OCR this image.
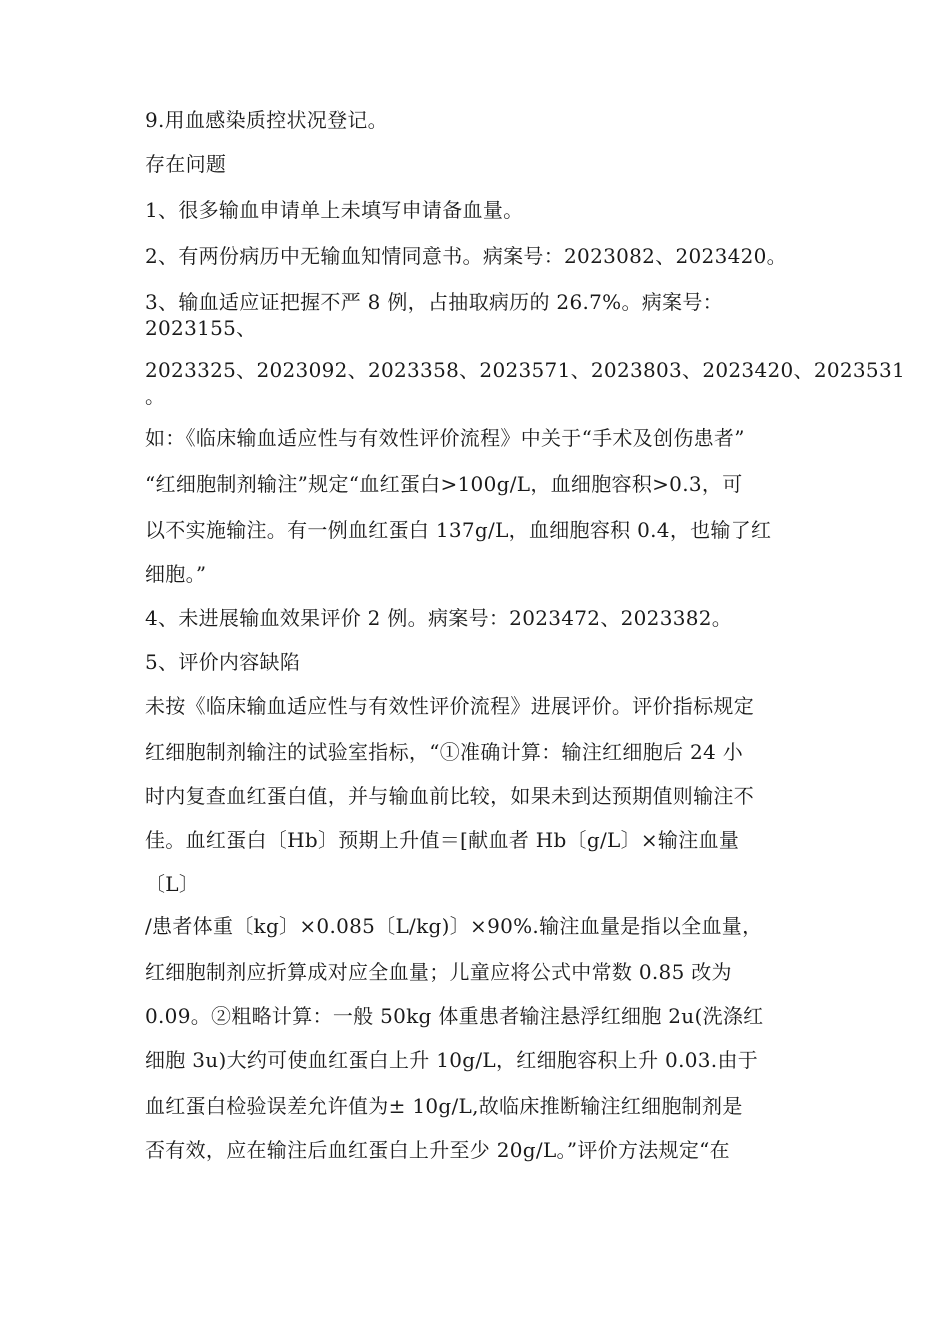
9.用血感染质控状况登记。

存在问题

1、很多输血申请单上未填写申请备血量。

2、有两份病历中无输血知情同意书。病案号：2023082、2023420。

3、输血适应证把握不严 8 例，占抽取病历的 26.7%。病案号：

2023155、

2023325、2023092、2023358、2023571、2023803、2023420、2023531

。

如：《临床输血适应性与有效性评价流程》中关于“手术及创伤患者”

“红细胞制剂输注”规定“血红蛋白>100g/L，血细胞容积>0.3，可

以不实施输注。有一例血红蛋白 137g/L，血细胞容积 0.4，也输了红

细胞。”

4、未进展输血效果评价 2 例。病案号：2023472、2023382。

5、评价内容缺陷

未按《临床输血适应性与有效性评价流程》进展评价。评价指标规定

红细胞制剂输注的试验室指标，“①准确计算：输注红细胞后 24 小

时内复查血红蛋白值，并与输血前比较，如果未到达预期值则输注不

佳。血红蛋白〔Hb〕预期上升值＝[献血者 Hb〔g/L〕×输注血量

〔L〕

/患者体重〔kg〕×0.085〔L/kg)〕×90%.输注血量是指以全血量，

红细胞制剂应折算成对应全血量；儿童应将公式中常数 0.85 改为

0.09。②粗略计算：一般 50kg 体重患者输注悬浮红细胞 2u(洗涤红

细胞 3u)大约可使血红蛋白上升 10g/L，红细胞容积上升 0.03.由于

血红蛋白检验误差允许值为± 10g/L,故临床推断输注红细胞制剂是

否有效，应在输注后血红蛋白上升至少 20g/L。”评价方法规定“在
